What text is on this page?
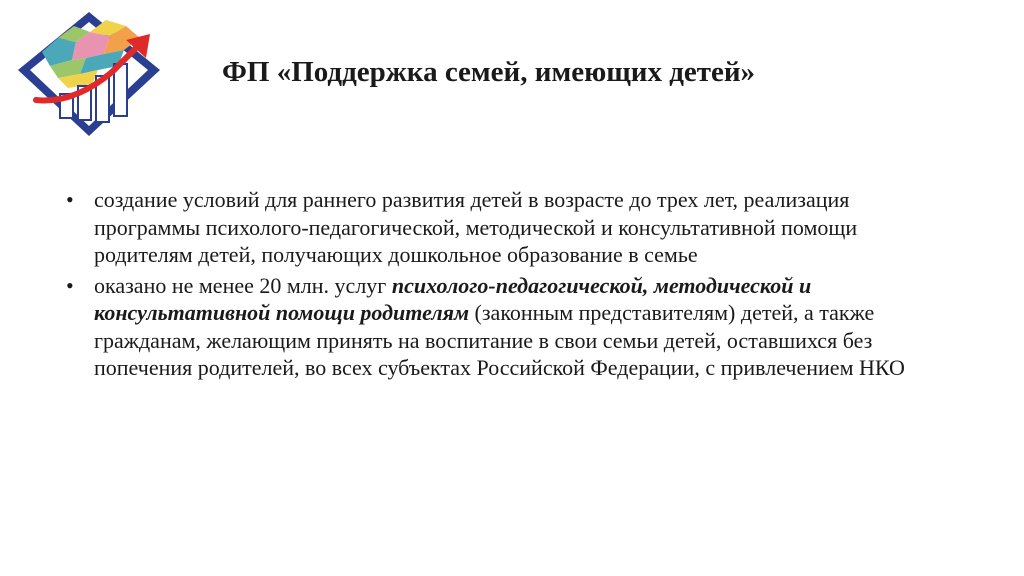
ФП «Поддержка семей, имеющих детей»
• создание условий для раннего развития детей в возрасте до трех лет, реализация программы психолого-педагогической, методической и консультативной помощи родителям детей, получающих дошкольное образование в семье
• оказано не менее 20 млн. услуг психолого-педагогической, методической и консультативной помощи родителям (законным представителям) детей, а также гражданам, желающим принять на воспитание в свои семьи детей, оставшихся без попечения родителей, во всех субъектах Российской Федерации, с привлечением НКО
